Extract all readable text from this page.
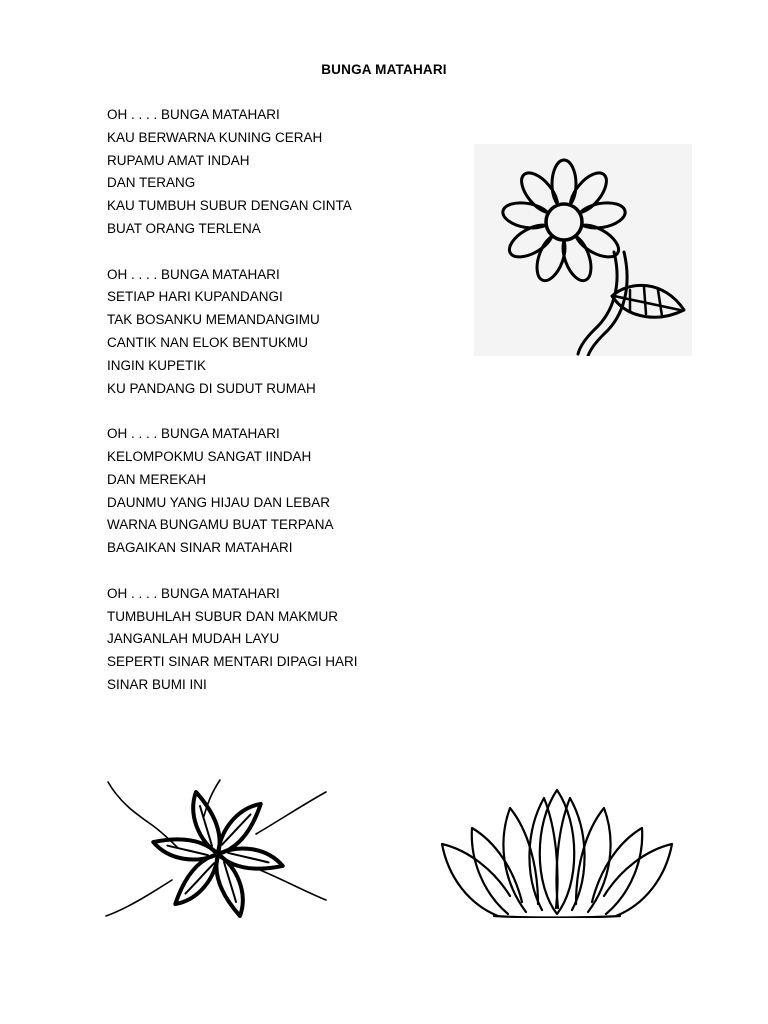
BUNGA MATAHARI
OH . . . . BUNGA MATAHARI
KAU BERWARNA KUNING CERAH
RUPAMU AMAT INDAH
DAN TERANG
KAU TUMBUH SUBUR DENGAN CINTA
BUAT ORANG TERLENA
OH . . . . BUNGA MATAHARI
SETIAP HARI KUPANDANGI
TAK BOSANKU MEMANDANGIMU
CANTIK NAN ELOK BENTUKMU
INGIN KUPETIK
KU PANDANG DI SUDUT RUMAH
OH . . . . BUNGA MATAHARI
KELOMPOKMU SANGAT IINDAH
DAN MEREKAH
DAUNMU YANG HIJAU DAN LEBAR
WARNA BUNGAMU BUAT TERPANA
BAGAIKAN SINAR MATAHARI
OH . . . . BUNGA MATAHARI
TUMBUHLAH SUBUR DAN MAKMUR
JANGANLAH MUDAH LAYU
SEPERTI SINAR MENTARI DIPAGI HARI
SINAR BUMI INI
